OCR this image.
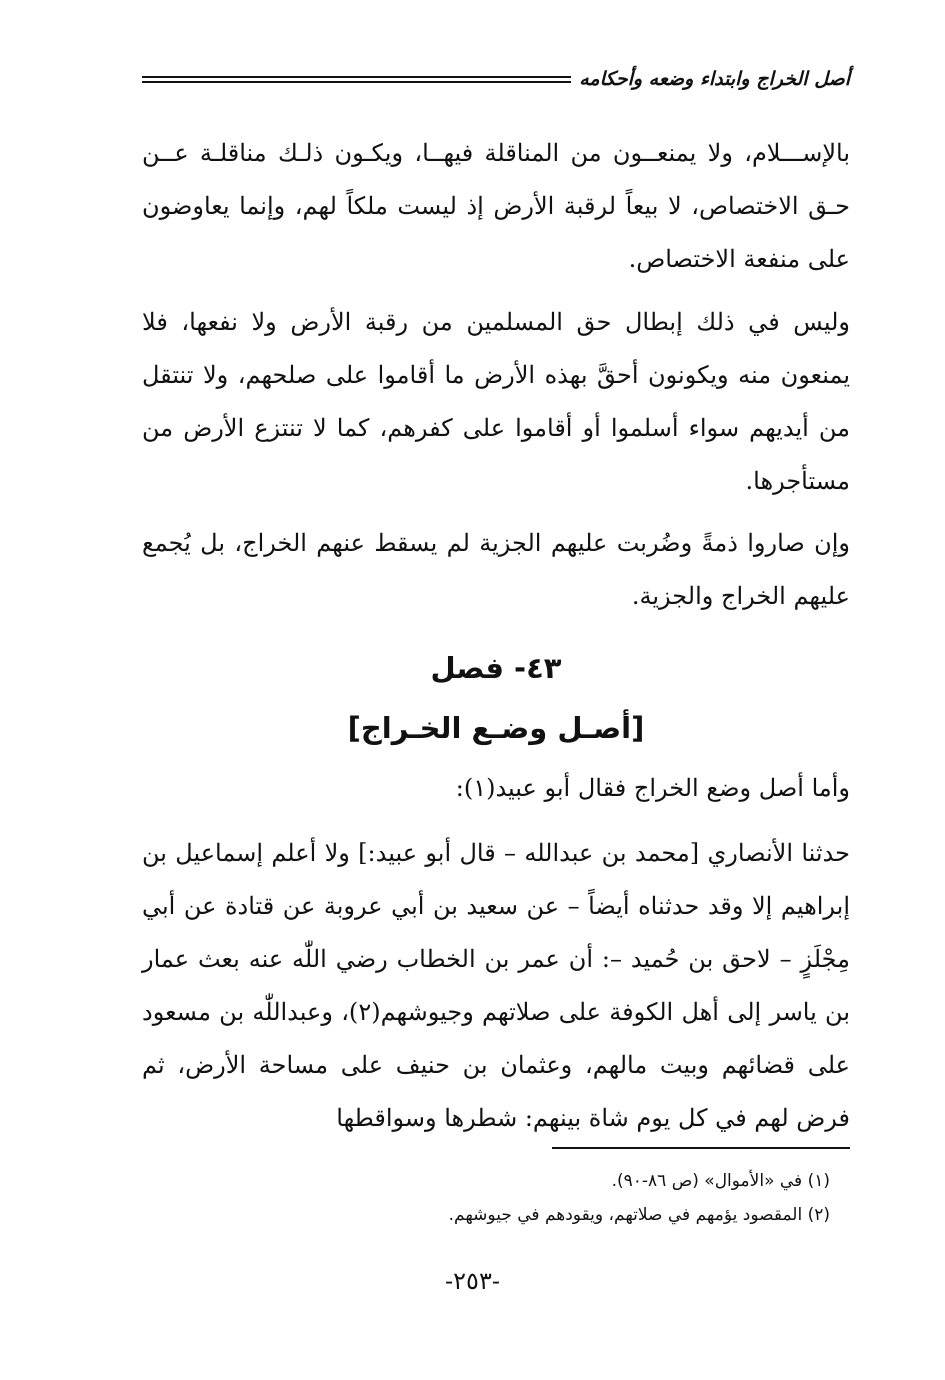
أصل الخراج وابتداء وضعه وأحكامه

بالإســـلام، ولا يمنعــون من المناقلة فيهــا، ويكـون ذلـك مناقلـة عــن حـق الاختصاص، لا بيعاً لرقبة الأرض إذ ليست ملكاً لهم، وإنما يعاوضون على منفعة الاختصاص.

وليس في ذلك إبطال حق المسلمين من رقبة الأرض ولا نفعها، فلا يمنعون منه ويكونون أحقَّ بهذه الأرض ما أقاموا على صلحهم، ولا تنتقل من أيديهم سواء أسلموا أو أقاموا على كفرهم، كما لا تنتزع الأرض من مستأجرها.

وإن صاروا ذمةً وضُربت عليهم الجزية لم يسقط عنهم الخراج، بل يُجمع عليهم الخراج والجزية.

٤٣- فصل
[أصـل وضـع الخـراج]

وأما أصل وضع الخراج فقال أبو عبيد(١):

حدثنا الأنصاري [محمد بن عبدالله – قال أبو عبيد:] ولا أعلم إسماعيل بن إبراهيم إلا وقد حدثناه أيضاً – عن سعيد بن أبي عروبة عن قتادة عن أبي مِجْلَزٍ – لاحق بن حُميد –: أن عمر بن الخطاب رضي اللّٰه عنه بعث عمار بن ياسر إلى أهل الكوفة على صلاتهم وجيوشهم(٢)، وعبداللّٰه بن مسعود على قضائهم وبيت مالهم، وعثمان بن حنيف على مساحة الأرض، ثم فرض لهم في كل يوم شاة بينهم: شطرها وسواقطها

(١) في «الأموال» (ص ٨٦-٩٠).

(٢) المقصود يؤمهم في صلاتهم، ويقودهم في جيوشهم.

-٢٥٣-
